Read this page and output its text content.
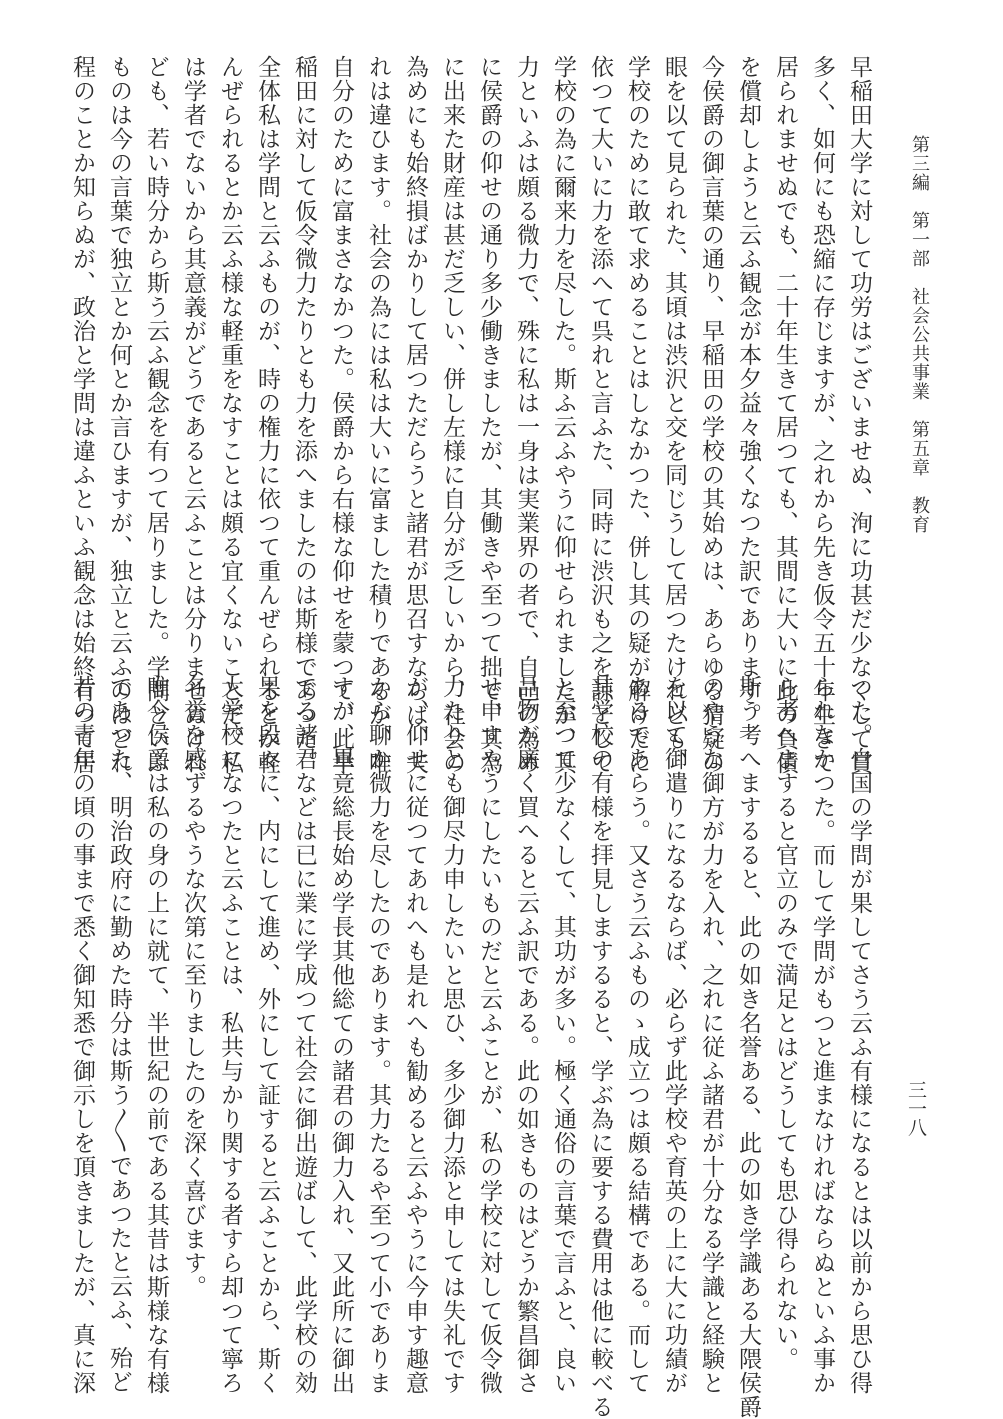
第三編　第一部　社会公共事業　第五章　教育
三一八
早稲田大学に対して功労はございませぬ、洵に功甚だ少なくして賞
多く、如何にも恐縮に存じますが、之れから先き仮令五十年生きて
居られませぬでも、二十年生きて居つても、其間に大いに此の負債
を償却しようと云ふ観念が本夕益々強くなつた訳であります。
今侯爵の御言葉の通り、早稲田の学校の其始めは、あらゆる猜疑の
眼を以て見られた、其頃は渋沢と交を同じうして居つたけれども、
学校のために敢て求めることはしなかつた、併し其の疑が解けたに
依つて大いに力を添へて呉れと言ふた、同時に渋沢も之を諒として
学校の為に爾来力を尽した。斯ふ云ふやうに仰せられましたが、其
力といふは頗る微力で、殊に私は一身は実業界の者で、自己の為め
に侯爵の仰せの通り多少働きましたが、其働きや至つて拙で、其為
に出来た財産は甚だ乏しい、併し左様に自分が乏しいから、社会の
為めにも始終損ばかりして居つただらうと諸君が思召すならば、夫
れは違ひます。社会の為には私は大いに富ました積りであるが、唯
自分のために富まさなかつた。侯爵から右様な仰せを蒙つて、此早
稲田に対して仮令微力たりとも力を添へましたのは斯様であつた。
全体私は学問と云ふものが、時の権力に依つて重んぜられるとか軽
んぜられるとか云ふ様な軽重をなすことは頗る宜くないことだ。私
は学者でないから其意義がどうであると云ふことは分りませぬけれ
ども、若い時分から斯う云ふ観念を有つて居りました。学問といふ
ものは今の言葉で独立とか何とか言ひますが、独立と云ふのはどれ
程のことか知らぬが、政治と学問は違ふといふ観念は始終有つて居
つた。自国の学問が果してさう云ふ有様になるとは以前から思ひ得
られなかつた。而して学問がもつと進まなければならぬといふ事か
ら考へますると官立のみで満足とはどうしても思ひ得られない。
斯う考へまするると、此の如き名誉ある、此の如き学識ある大隈侯爵
のやうな御方が力を入れ、之れに従ふ諸君が十分なる学識と経験と
を以て御遣りになるならば、必らず此学校や育英の上に大に功績が
あるであらう。又さう云ふものゝ成立つは頗る結構である。而して
其学校の有様を拝見しまするると、学ぶ為に要する費用は他に較べる
と至つて少なくして、其功が多い。極く通俗の言葉で言ふと、良い
品物が廉く買へると云ふ訳である。此の如きものはどうか繁昌御さ
せ申すやうにしたいものだと云ふことが、私の学校に対して仮令微
力たりとも御尽力申したいと思ひ、多少御力添と申しては失礼です
が、仰せに従つてあれへも是れへも勧めると云ふやうに今申す趣意
から聊か微力を尽したのであります。其力たるや至つて小でありま
すが、畢竟総長始め学長其他総ての諸君の御力入れ、又此所に御出
でる諸君などは已に業に学成つて社会に御出遊ばして、此学校の効
果を段々に、内にして進め、外にして証すると云ふことから、斯く
大学校になつたと云ふことは、私共与かり関する者すら却つて寧ろ
名誉を感ずるやうな次第に至りましたのを深く喜びます。
唯今侯爵は私の身の上に就て、半世紀の前である其昔は斯様な有様
であつた、明治政府に勤めた時分は斯う〳〵であつたと云ふ、殆ど
昔の青年の頃の事まで悉く御知悉で御示しを頂きましたが、真に深
